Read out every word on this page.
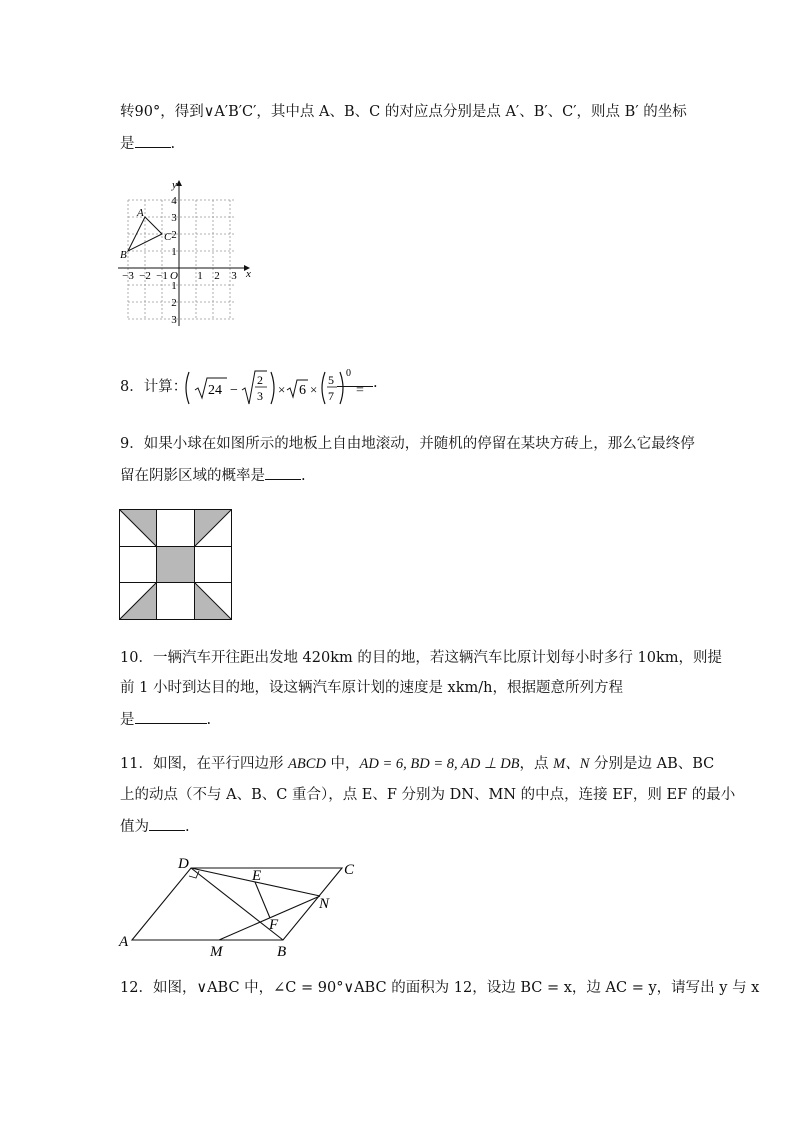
转90°，得到∨A′B′C′，其中点 A、B、C 的对应点分别是点 A′、B′、C′，则点 B′ 的坐标
是 .
x
y
O
−3 −2 −1	1 2 3
4
3
2
1
1
2
3
A
B
C
8．计算： 24 −
2
3 × 6 ×
5
7
0
= .
9．如果小球在如图所示的地板上自由地滚动，并随机的停留在某块方砖上，那么它最终停
留在阴影区域的概率是 .
10．一辆汽车开往距出发地 420km 的目的地，若这辆汽车比原计划每小时多行 10km，则提
前 1 小时到达目的地，设这辆汽车原计划的速度是 xkm/h，根据题意所列方程
是	.
11．如图，在平行四边形 ABCD 中，AD = 6, BD = 8, AD ⊥ DB，点 M、N 分别是边 AB、BC
上的动点（不与 A、B、C 重合），点 E、F 分别为 DN、MN 的中点，连接 EF，则 EF 的最小
值为 .
A
B
C
D
E
F
M
N
12．如图，∨ABC 中，∠C = 90°∨ABC 的面积为 12，设边 BC = x，边 AC = y，请写出 y 与 x
